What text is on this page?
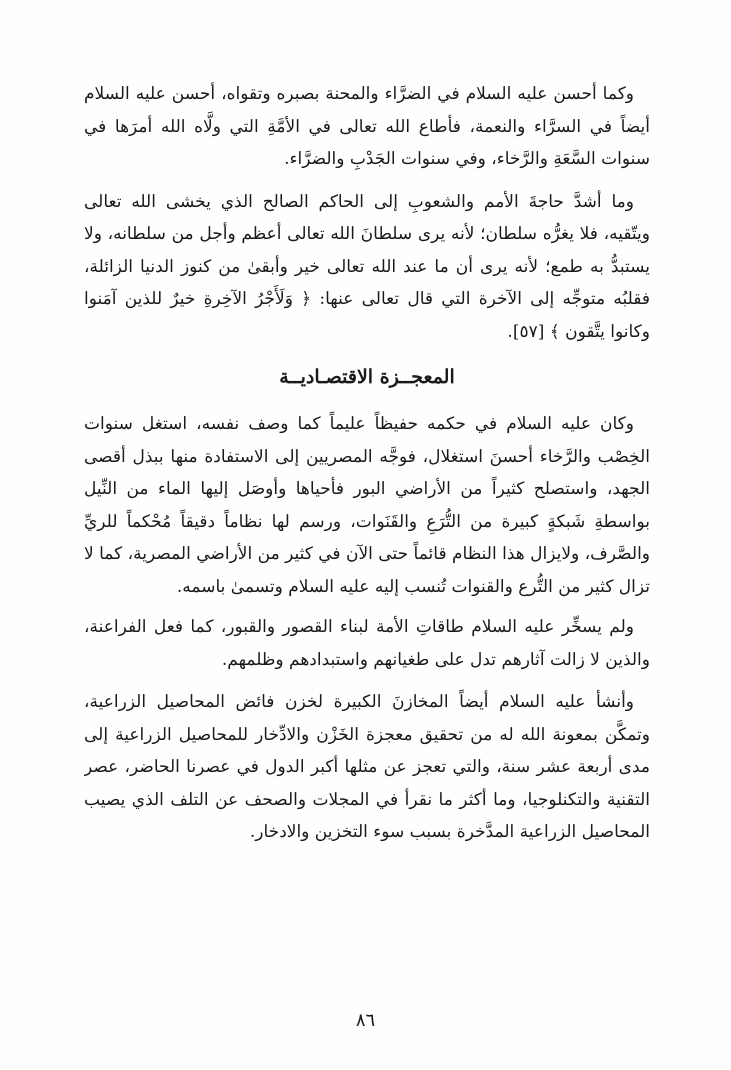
وكما أحسن عليه السلام في الضرَّاء والمحنة بصبره وتقواه، أحسن عليه السلام أيضاً في السرَّاء والنعمة، فأطاع الله تعالى في الأمَّةِ التي ولَّاه الله أمرَها في سنوات السَّعَةِ والرَّخاء، وفي سنوات الجَدْبِ والضرَّاء.

وما أشدَّ حاجةَ الأمم والشعوبِ إلى الحاكم الصالح الذي يخشى الله تعالى ويتّقيه، فلا يغرُّه سلطان؛ لأنه يرى سلطانَ الله تعالى أعظم وأجل من سلطانه، ولا يستبدُّ به طمع؛ لأنه يرى أن ما عند الله تعالى خير وأبقىٰ من كنوز الدنيا الزائلة، فقلبُه متوجِّه إلى الآخرة التي قال تعالى عنها: ﴿ وَلَأَجْرُ الآخِرةِ خيرٌ للذين آمَنوا وكانوا يتَّقون ﴾ [٥٧].

المعجــزة الاقتصـاديــة

وكان عليه السلام في حكمه حفيظاً عليماً كما وصف نفسه، استغل سنوات الخِصْب والرَّخاء أحسنَ استغلال، فوجَّه المصريين إلى الاستفادة منها ببذل أقصى الجهد، واستصلح كثيراً من الأراضي البور فأحياها وأوصَل إليها الماء من النِّيل بواسطةِ شَبكةٍ كبيرة من التُّرَعِ والقَنَوات، ورسم لها نظاماً دقيقاً مُحْكماً للريِّ والصَّرف، ولايزال هذا النظام قائماً حتى الآن في كثير من الأراضي المصرية، كما لا تزال كثير من التُّرع والقنوات تُنسب إليه عليه السلام وتسمىٰ باسمه.

ولم يسخِّر عليه السلام طاقاتِ الأمة لبناء القصور والقبور، كما فعل الفراعنة، والذين لا زالت آثارهم تدل على طغيانهم واستبدادهم وظلمهم.

وأنشأ عليه السلام أيضاً المخازنَ الكبيرة لخزن فائض المحاصيل الزراعية، وتمكَّن بمعونة الله له من تحقيق معجزة الخَزْن والادِّخار للمحاصيل الزراعية إلى مدى أربعة عشر سنة، والتي تعجز عن مثلها أكبر الدول في عصرنا الحاضر، عصر التقنية والتكنلوجيا، وما أكثر ما نقرأ في المجلات والصحف عن التلف الذي يصيب المحاصيل الزراعية المدَّخرة بسبب سوء التخزين والادخار.

٨٦
